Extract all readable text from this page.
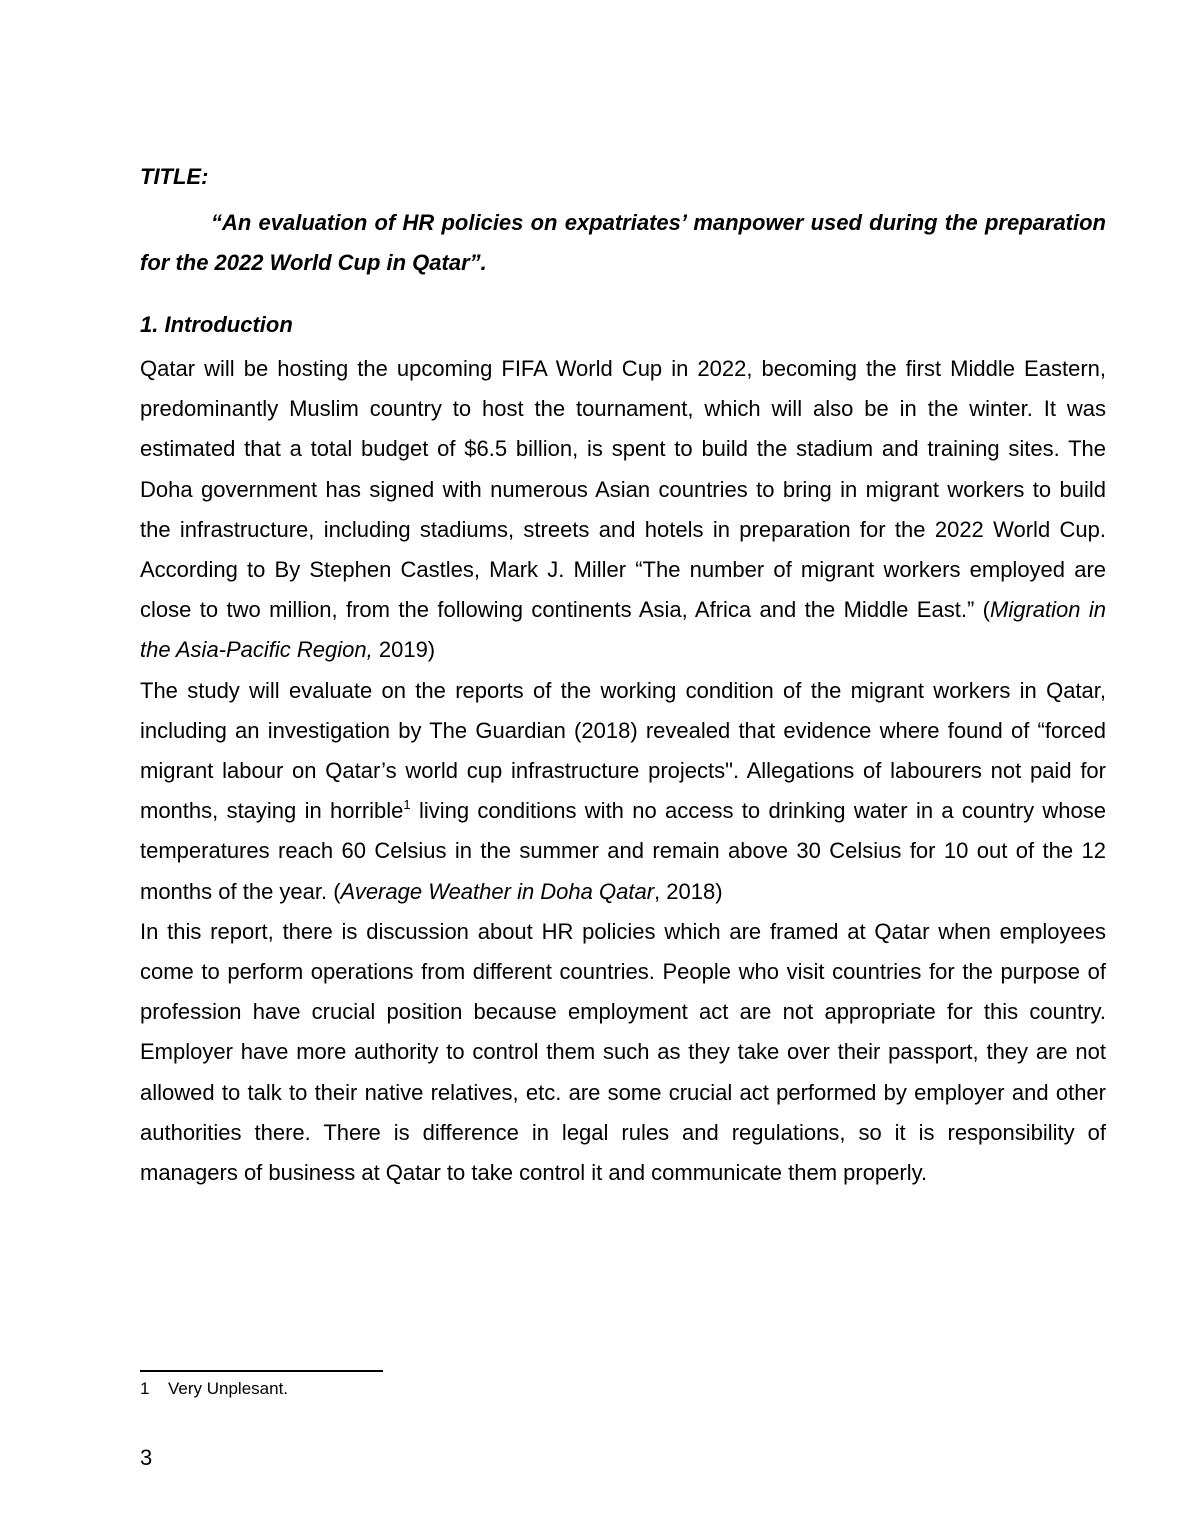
TITLE:
“An evaluation of HR policies on expatriates’ manpower used during the preparation for the 2022 World Cup in Qatar”.
1. Introduction

Qatar will be hosting the upcoming FIFA World Cup in 2022, becoming the first Middle Eastern, predominantly Muslim country to host the tournament, which will also be in the winter. It was estimated that a total budget of $6.5 billion, is spent to build the stadium and training sites. The Doha government has signed with numerous Asian countries to bring in migrant workers to build the infrastructure, including stadiums, streets and hotels in preparation for the 2022 World Cup. According to By Stephen Castles, Mark J. Miller “The number of migrant workers employed are close to two million, from the following continents Asia, Africa and the Middle East.” (Migration in the Asia-Pacific Region, 2019)

The study will evaluate on the reports of the working condition of the migrant workers in Qatar, including an investigation by The Guardian (2018) revealed that evidence where found of “forced migrant labour on Qatar’s world cup infrastructure projects". Allegations of labourers not paid for months, staying in horrible$^1$ living conditions with no access to drinking water in a country whose temperatures reach 60 Celsius in the summer and remain above 30 Celsius for 10 out of the 12 months of the year. (Average Weather in Doha Qatar, 2018)

In this report, there is discussion about HR policies which are framed at Qatar when employees come to perform operations from different countries. People who visit countries for the purpose of profession have crucial position because employment act are not appropriate for this country. Employer have more authority to control them such as they take over their passport, they are not allowed to talk to their native relatives, etc. are some crucial act performed by employer and other authorities there. There is difference in legal rules and regulations, so it is responsibility of managers of business at Qatar to take control it and communicate them properly.

1 Very Unplesant.
3
